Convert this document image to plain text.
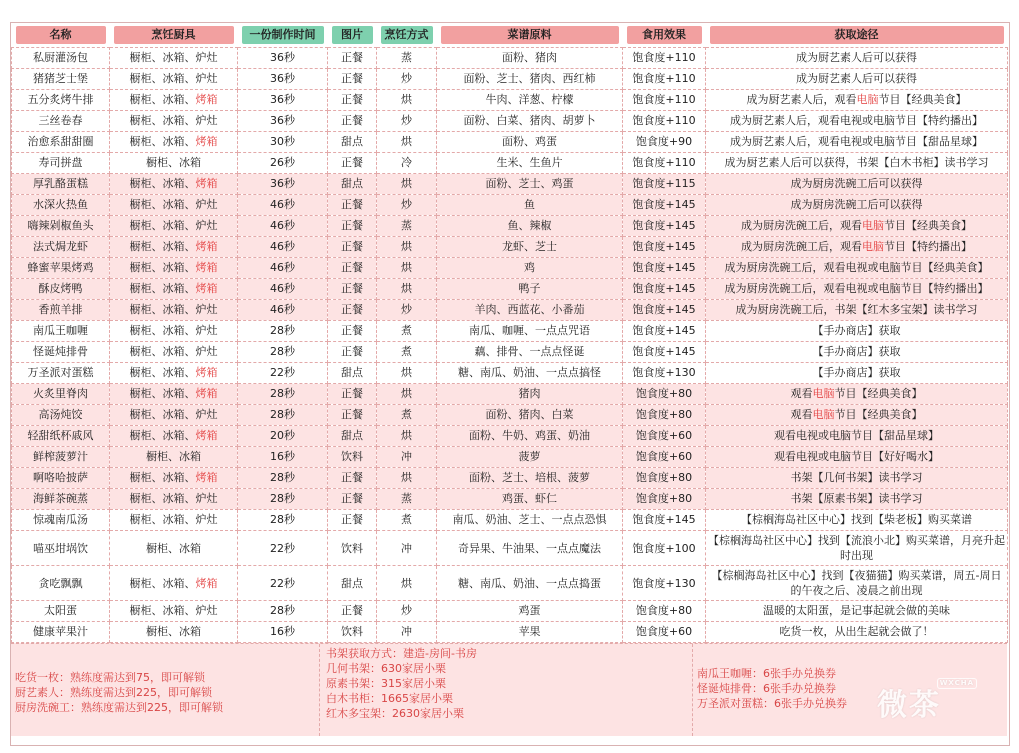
名称	烹饪厨具	一份制作时间	图片	烹饪方式	菜谱原料	食用效果	获取途径

私厨灌汤包	橱柜、冰箱、炉灶	36秒	正餐	蒸	面粉、猪肉	饱食度+110	成为厨艺素人后可以获得
猪猪芝士堡	橱柜、冰箱、炉灶	36秒	正餐	炒	面粉、芝士、猪肉、西红柿	饱食度+110	成为厨艺素人后可以获得
五分炙烤牛排	橱柜、冰箱、烤箱	36秒	正餐	烘	牛肉、洋葱、柠檬	饱食度+110	成为厨艺素人后，观看电脑节目【经典美食】
三丝卷春	橱柜、冰箱、炉灶	36秒	正餐	炒	面粉、白菜、猪肉、胡萝卜	饱食度+110	成为厨艺素人后，观看电视或电脑节目【特约播出】
治愈系甜甜圈	橱柜、冰箱、烤箱	30秒	甜点	烘	面粉、鸡蛋	饱食度+90	成为厨艺素人后，观看电视或电脑节目【甜品星球】
寿司拼盘	橱柜、冰箱	26秒	正餐	冷	生米、生鱼片	饱食度+110	成为厨艺素人后可以获得，书架【白木书柜】读书学习
厚乳酪蛋糕	橱柜、冰箱、烤箱	36秒	甜点	烘	面粉、芝士、鸡蛋	饱食度+115	成为厨房洗碗工后可以获得
水深火热鱼	橱柜、冰箱、炉灶	46秒	正餐	炒	鱼	饱食度+145	成为厨房洗碗工后可以获得
嗨辣剁椒鱼头	橱柜、冰箱、炉灶	46秒	正餐	蒸	鱼、辣椒	饱食度+145	成为厨房洗碗工后，观看电脑节目【经典美食】
法式焗龙虾	橱柜、冰箱、烤箱	46秒	正餐	烘	龙虾、芝士	饱食度+145	成为厨房洗碗工后，观看电脑节目【特约播出】
蜂蜜苹果烤鸡	橱柜、冰箱、烤箱	46秒	正餐	烘	鸡	饱食度+145	成为厨房洗碗工后，观看电视或电脑节目【经典美食】
酥皮烤鸭	橱柜、冰箱、烤箱	46秒	正餐	烘	鸭子	饱食度+145	成为厨房洗碗工后，观看电视或电脑节目【特约播出】
香煎羊排	橱柜、冰箱、炉灶	46秒	正餐	炒	羊肉、西蓝花、小番茄	饱食度+145	成为厨房洗碗工后，书架【红木多宝架】读书学习
南瓜王咖喱	橱柜、冰箱、炉灶	28秒	正餐	煮	南瓜、咖喱、一点点咒语	饱食度+145	【手办商店】获取
怪诞炖排骨	橱柜、冰箱、炉灶	28秒	正餐	煮	藕、排骨、一点点怪诞	饱食度+145	【手办商店】获取
万圣派对蛋糕	橱柜、冰箱、烤箱	22秒	甜点	烘	糖、南瓜、奶油、一点点搞怪	饱食度+130	【手办商店】获取
火炙里脊肉	橱柜、冰箱、烤箱	28秒	正餐	烘	猪肉	饱食度+80	观看电脑节目【经典美食】
高汤炖饺	橱柜、冰箱、炉灶	28秒	正餐	煮	面粉、猪肉、白菜	饱食度+80	观看电脑节目【经典美食】
轻甜纸杯戚风	橱柜、冰箱、烤箱	20秒	甜点	烘	面粉、牛奶、鸡蛋、奶油	饱食度+60	观看电视或电脑节目【甜品星球】
鲜榨菠萝汁	橱柜、冰箱	16秒	饮料	冲	菠萝	饱食度+60	观看电视或电脑节目【好好喝水】
啊咯哈披萨	橱柜、冰箱、烤箱	28秒	正餐	烘	面粉、芝士、培根、菠萝	饱食度+80	书架【几何书架】读书学习
海鲜茶碗蒸	橱柜、冰箱、炉灶	28秒	正餐	蒸	鸡蛋、虾仁	饱食度+80	书架【原素书架】读书学习
惊魂南瓜汤	橱柜、冰箱、炉灶	28秒	正餐	煮	南瓜、奶油、芝士、一点点恐惧	饱食度+145	【棕榈海岛社区中心】找到【柴老板】购买菜谱
喵巫坩埚饮	橱柜、冰箱	22秒	饮料	冲	奇异果、牛油果、一点点魔法	饱食度+100	【棕榈海岛社区中心】找到【流浪小北】购买菜谱，月亮升起时出现
贪吃飘飘	橱柜、冰箱、烤箱	22秒	甜点	烘	糖、南瓜、奶油、一点点捣蛋	饱食度+130	【棕榈海岛社区中心】找到【夜猫猫】购买菜谱，周五-周日的午夜之后、凌晨之前出现
太阳蛋	橱柜、冰箱、炉灶	28秒	正餐	炒	鸡蛋	饱食度+80	温暖的太阳蛋，是记事起就会做的美味
健康苹果汁	橱柜、冰箱	16秒	饮料	冲	苹果	饱食度+60	吃货一枚，从出生起就会做了！
吃货一枚：熟练度需达到75，即可解锁
厨艺素人：熟练度需达到225，即可解锁
厨房洗碗工：熟练度需达到225，即可解锁
书架获取方式：建造-房间-书房
几何书架：630家居小栗
原素书架：315家居小栗
白木书柜：1665家居小栗
红木多宝架：2630家居小栗
南瓜王咖喱：6张手办兑换券
怪诞炖排骨：6张手办兑换券
万圣派对蛋糕：6张手办兑换券	微茶
WXCHA
